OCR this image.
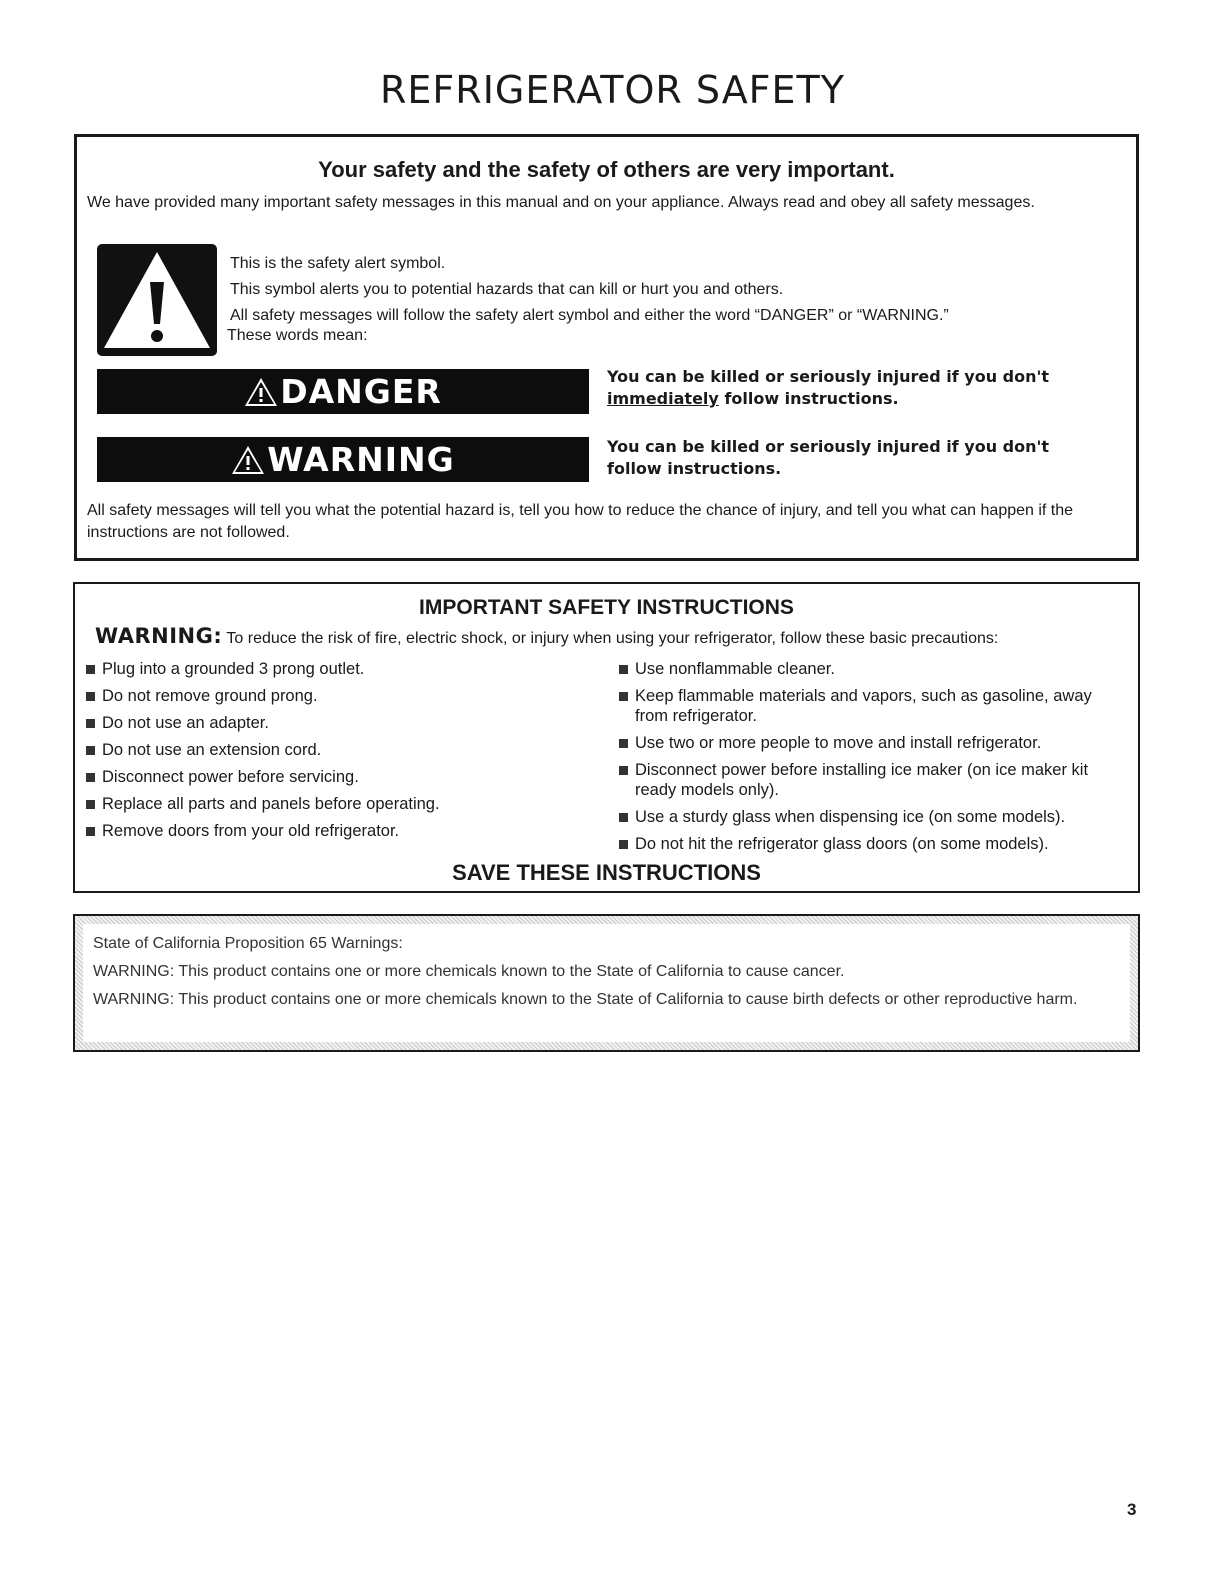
REFRIGERATOR SAFETY
Your safety and the safety of others are very important.
We have provided many important safety messages in this manual and on your appliance. Always read and obey all safety messages.
This is the safety alert symbol.
This symbol alerts you to potential hazards that can kill or hurt you and others.
All safety messages will follow the safety alert symbol and either the word “DANGER” or “WARNING.”
These words mean:
DANGER	You can be killed or seriously injured if you don't immediately follow instructions.
WARNING	You can be killed or seriously injured if you don't follow instructions.
All safety messages will tell you what the potential hazard is, tell you how to reduce the chance of injury, and tell you what can happen if the instructions are not followed.
IMPORTANT SAFETY INSTRUCTIONS
WARNING: To reduce the risk of fire, electric shock, or injury when using your refrigerator, follow these basic precautions:
Plug into a grounded 3 prong outlet.
Do not remove ground prong.
Do not use an adapter.
Do not use an extension cord.
Disconnect power before servicing.
Replace all parts and panels before operating.
Remove doors from your old refrigerator.
Use nonflammable cleaner.
Keep flammable materials and vapors, such as gasoline, away from refrigerator.
Use two or more people to move and install refrigerator.
Disconnect power before installing ice maker (on ice maker kit ready models only).
Use a sturdy glass when dispensing ice (on some models).
Do not hit the refrigerator glass doors (on some models).
SAVE THESE INSTRUCTIONS

State of California Proposition 65 Warnings:

WARNING: This product contains one or more chemicals known to the State of California to cause cancer.

WARNING: This product contains one or more chemicals known to the State of California to cause birth defects or other reproductive harm.

3
